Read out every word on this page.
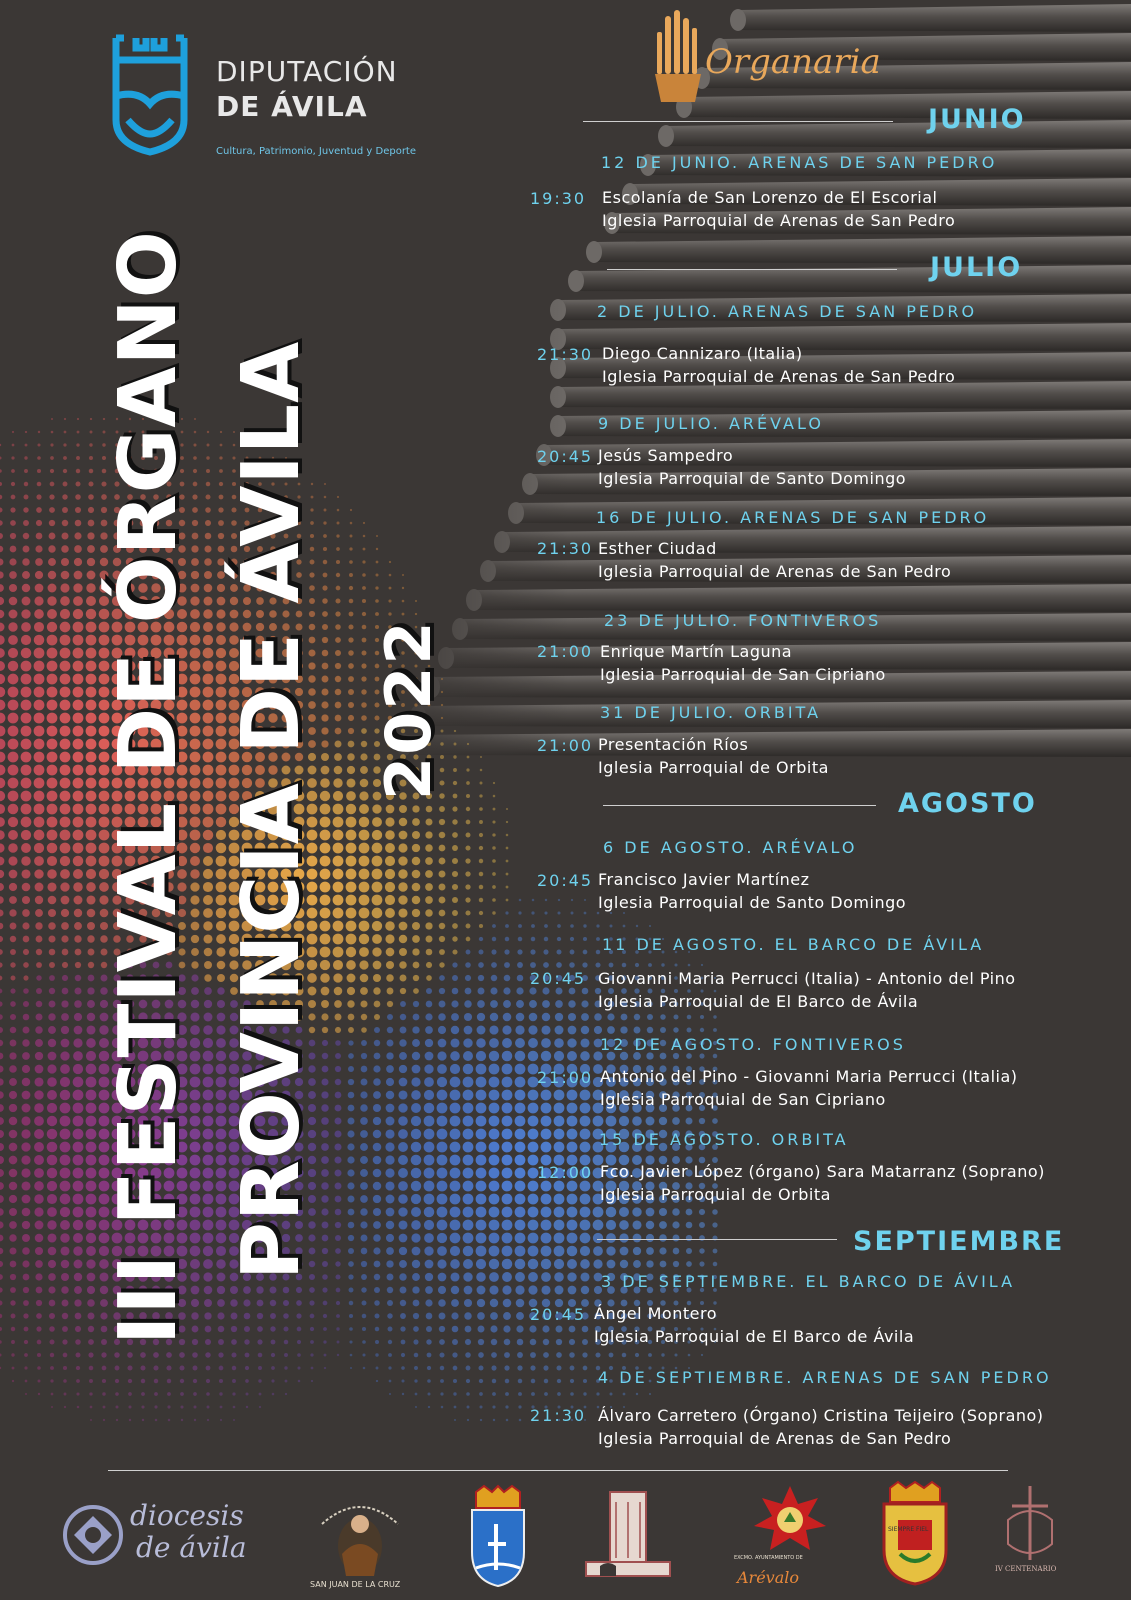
DIPUTACIÓN
DE ÁVILA
Cultura, Patrimonio, Juventud y Deporte
Organaria
III FESTIVAL DE ÓRGANO PROVINCIA DE ÁVILA 2022
JUNIO
12 DE JUNIO. ARENAS DE SAN PEDRO
19:30 Escolanía de San Lorenzo de El Escorial
Iglesia Parroquial de Arenas de San Pedro
JULIO
2 DE JULIO. ARENAS DE SAN PEDRO
21:30 Diego Cannizaro (Italia)
Iglesia Parroquial de Arenas de San Pedro
9 DE JULIO. ARÉVALO
20:45 Jesús Sampedro
Iglesia Parroquial de Santo Domingo
16 DE JULIO. ARENAS DE SAN PEDRO
21:30 Esther Ciudad
Iglesia Parroquial de Arenas de San Pedro
23 DE JULIO. FONTIVEROS
21:00 Enrique Martín Laguna
Iglesia Parroquial de San Cipriano
31 DE JULIO. ORBITA
21:00 Presentación Ríos
Iglesia Parroquial de Orbita
AGOSTO
6 DE AGOSTO. ARÉVALO
20:45 Francisco Javier Martínez
Iglesia Parroquial de Santo Domingo
11 DE AGOSTO. EL BARCO DE ÁVILA
20:45 Giovanni Maria Perrucci (Italia) - Antonio del Pino
Iglesia Parroquial de El Barco de Ávila
12 DE AGOSTO. FONTIVEROS
21:00 Antonio del Pino - Giovanni Maria Perrucci (Italia)
Iglesia Parroquial de San Cipriano
15 DE AGOSTO. ORBITA
12:00 Fco. Javier López (órgano) Sara Matarranz (Soprano)
Iglesia Parroquial de Orbita
SEPTIEMBRE
3 DE SEPTIEMBRE. EL BARCO DE ÁVILA
20:45 Ángel Montero
Iglesia Parroquial de El Barco de Ávila
4 DE SEPTIEMBRE. ARENAS DE SAN PEDRO
21:30 Álvaro Carretero (Órgano) Cristina Teijeiro (Soprano)
Iglesia Parroquial de Arenas de San Pedro
diocesis
de ávila
SAN JUAN DE LA CRUZ
EXCMO. AYUNTAMIENTO DE
Arévalo
SIEMPRE FIEL
IV CENTENARIO
